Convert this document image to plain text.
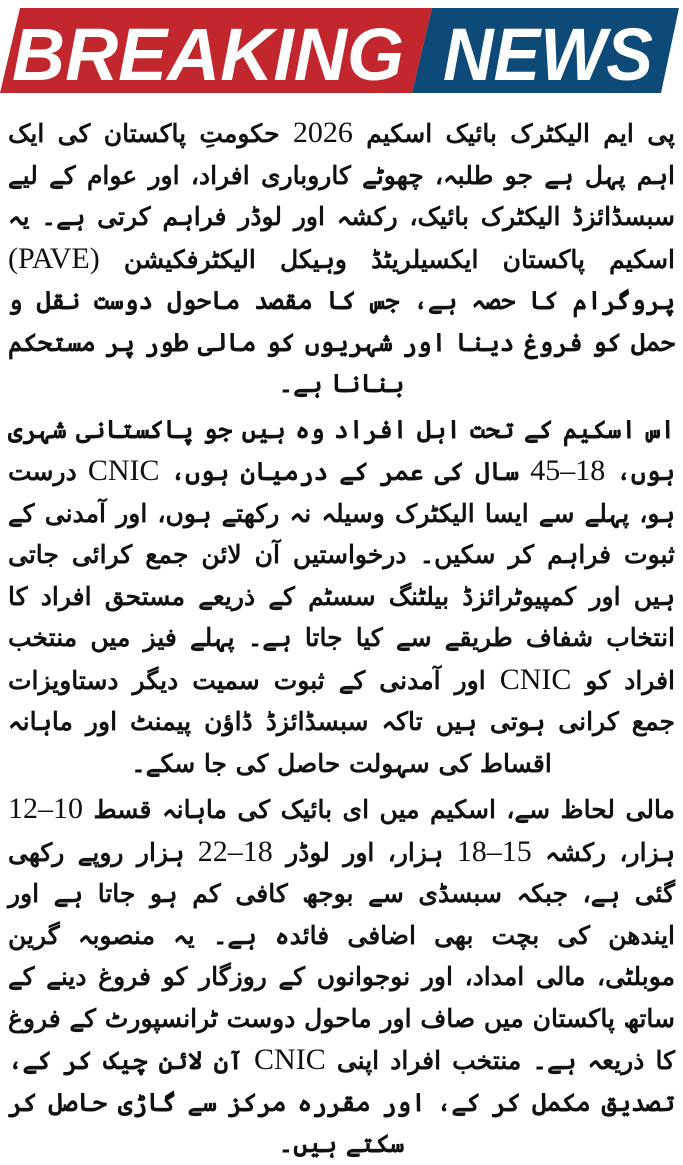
BREAKING NEWS

پی ایم الیکٹرک بائیک اسکیم 2026 حکومتِ پاکستان کی ایک اہم پہل ہے جو طلبہ، چھوٹے کاروباری افراد، اور عوام کے لیے سبسڈائزڈ الیکٹرک بائیک، رکشہ اور لوڈر فراہم کرتی ہے۔ یہ اسکیم پاکستان ایکسیلریٹڈ وہیکل الیکٹرفکیشن (PAVE) پروگرام کا حصہ ہے، جس کا مقصد ماحول دوست نقل و حمل کو فروغ دینا اور شہریوں کو مالی طور پر مستحکم بنانا ہے۔

اس اسکیم کے تحت اہل افراد وہ ہیں جو پاکستانی شہری ہوں، 18–45 سال کی عمر کے درمیان ہوں، CNIC درست ہو، پہلے سے ایسا الیکٹرک وسیلہ نہ رکھتے ہوں، اور آمدنی کے ثبوت فراہم کر سکیں۔ درخواستیں آن لائن جمع کرائی جاتی ہیں اور کمپیوٹرائزڈ بیلٹنگ سسٹم کے ذریعے مستحق افراد کا انتخاب شفاف طریقے سے کیا جاتا ہے۔ پہلے فیز میں منتخب افراد کو CNIC اور آمدنی کے ثبوت سمیت دیگر دستاویزات جمع کرانی ہوتی ہیں تاکہ سبسڈائزڈ ڈاؤن پیمنٹ اور ماہانہ اقساط کی سہولت حاصل کی جا سکے۔

مالی لحاظ سے، اسکیم میں ای بائیک کی ماہانہ قسط 10–12 ہزار، رکشہ 15–18 ہزار، اور لوڈر 18–22 ہزار روپے رکھی گئی ہے، جبکہ سبسڈی سے بوجھ کافی کم ہو جاتا ہے اور ایندھن کی بچت بھی اضافی فائدہ ہے۔ یہ منصوبہ گرین موبلٹی، مالی امداد، اور نوجوانوں کے روزگار کو فروغ دینے کے ساتھ پاکستان میں صاف اور ماحول دوست ٹرانسپورٹ کے فروغ کا ذریعہ ہے۔ منتخب افراد اپنی CNIC آن لائن چیک کر کے، تصدیق مکمل کر کے، اور مقررہ مرکز سے گاڑی حاصل کر سکتے ہیں۔
